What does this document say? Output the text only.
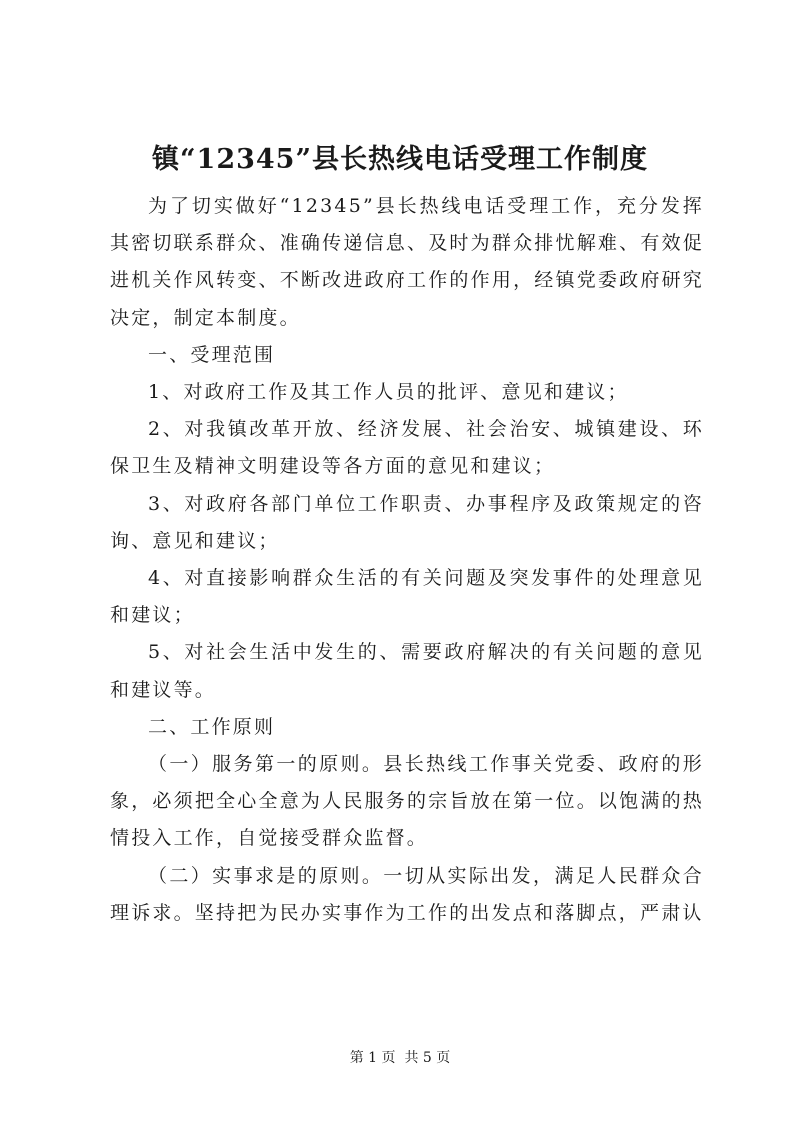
镇“12345”县长热线电话受理工作制度

为了切实做好“12345”县长热线电话受理工作，充分发挥其密切联系群众、准确传递信息、及时为群众排忧解难、有效促进机关作风转变、不断改进政府工作的作用，经镇党委政府研究决定，制定本制度。

一、受理范围

1、对政府工作及其工作人员的批评、意见和建议；

2、对我镇改革开放、经济发展、社会治安、城镇建设、环保卫生及精神文明建设等各方面的意见和建议；

3、对政府各部门单位工作职责、办事程序及政策规定的咨询、意见和建议；

4、对直接影响群众生活的有关问题及突发事件的处理意见和建议；

5、对社会生活中发生的、需要政府解决的有关问题的意见和建议等。

二、工作原则

（一）服务第一的原则。县长热线工作事关党委、政府的形象，必须把全心全意为人民服务的宗旨放在第一位。以饱满的热情投入工作，自觉接受群众监督。

（二）实事求是的原则。一切从实际出发，满足人民群众合理诉求。坚持把为民办实事作为工作的出发点和落脚点，严肃认

第 1 页 共 5 页
